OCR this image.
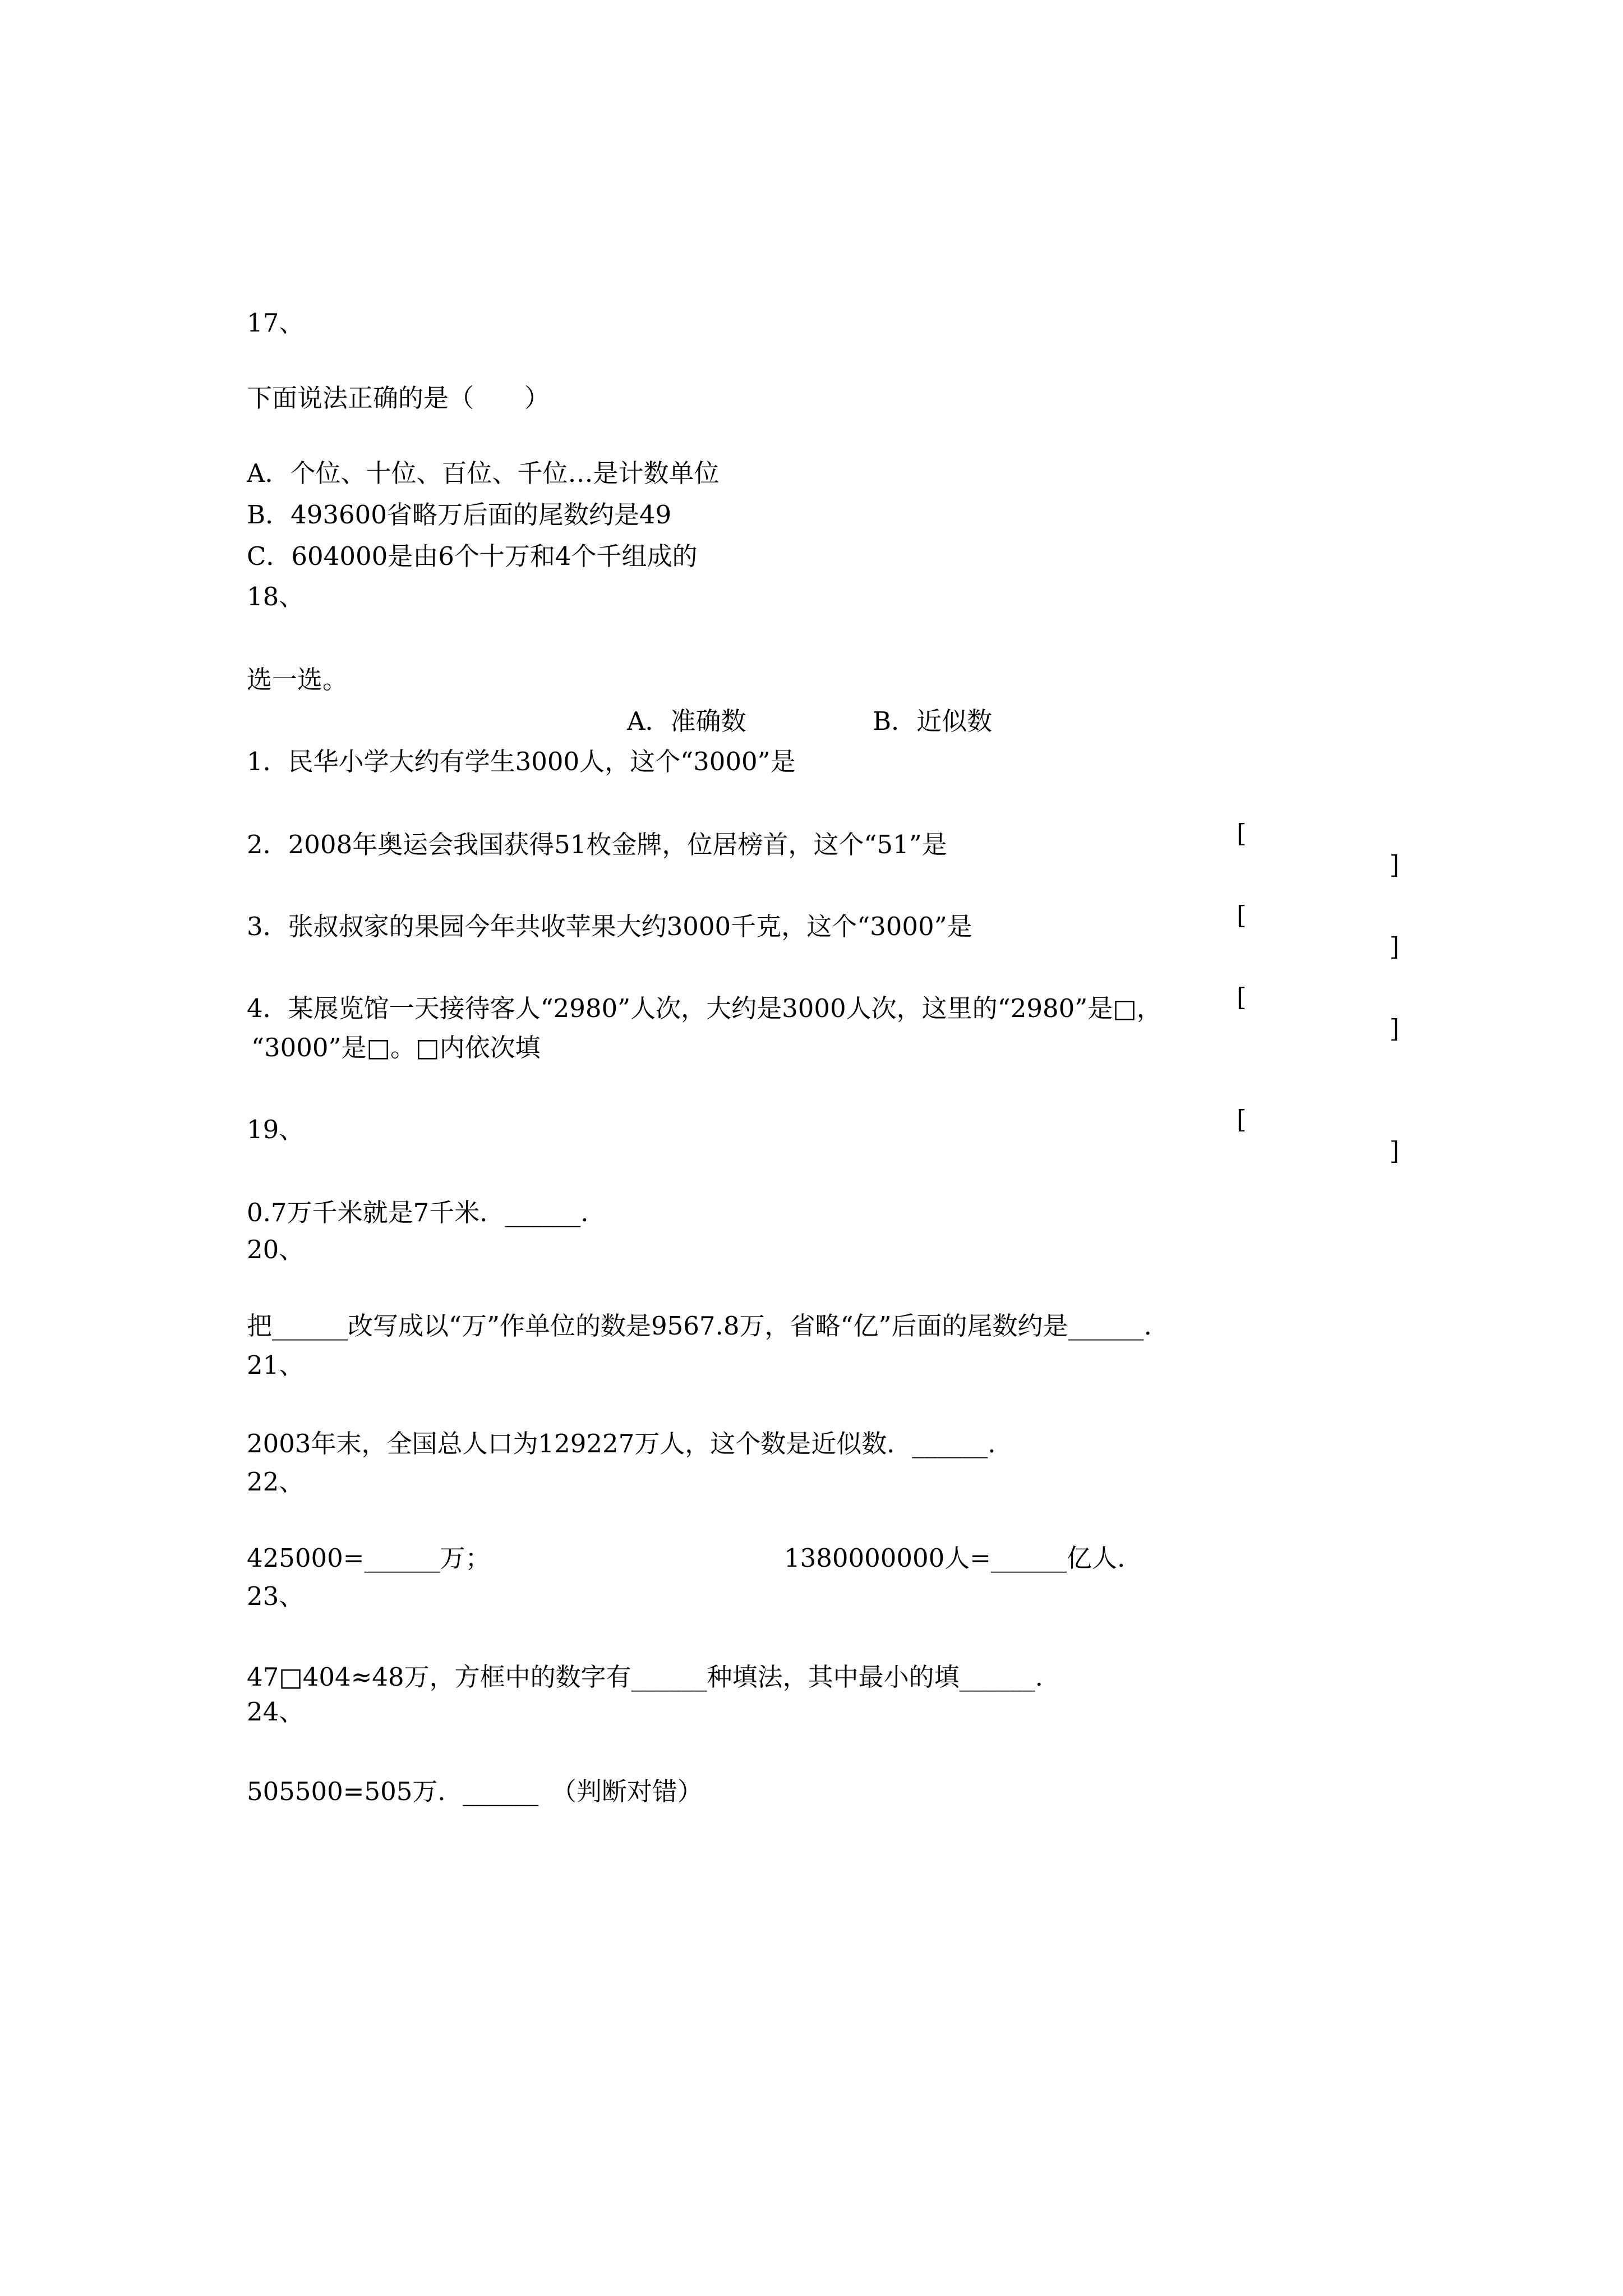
17、
下面说法正确的是（　　）
A．个位、十位、百位、千位…是计数单位
B．493600省略万后面的尾数约是49
C．604000是由6个十万和4个千组成的
18、
选一选。
A．准确数	B．近似数
1．民华小学大约有学生3000人，这个“3000”是

[

]

2．2008年奥运会我国获得51枚金牌，位居榜首，这个“51”是

[

]

3．张叔叔家的果园今年共收苹果大约3000千克，这个“3000”是

[

]

4．某展览馆一天接待客人“2980”人次，大约是3000人次，这里的“2980”是□，
“3000”是□。□内依次填

[

]

19、
0.7万千米就是7千米．______.
20、
把______改写成以“万”作单位的数是9567.8万，省略“亿”后面的尾数约是______.
21、
2003年末，全国总人口为129227万人，这个数是近似数．______.
22、
425000=______万；	1380000000人=______亿人.
23、
47□404≈48万，方框中的数字有______种填法，其中最小的填______.
24、
505500=505万．______　（判断对错）
